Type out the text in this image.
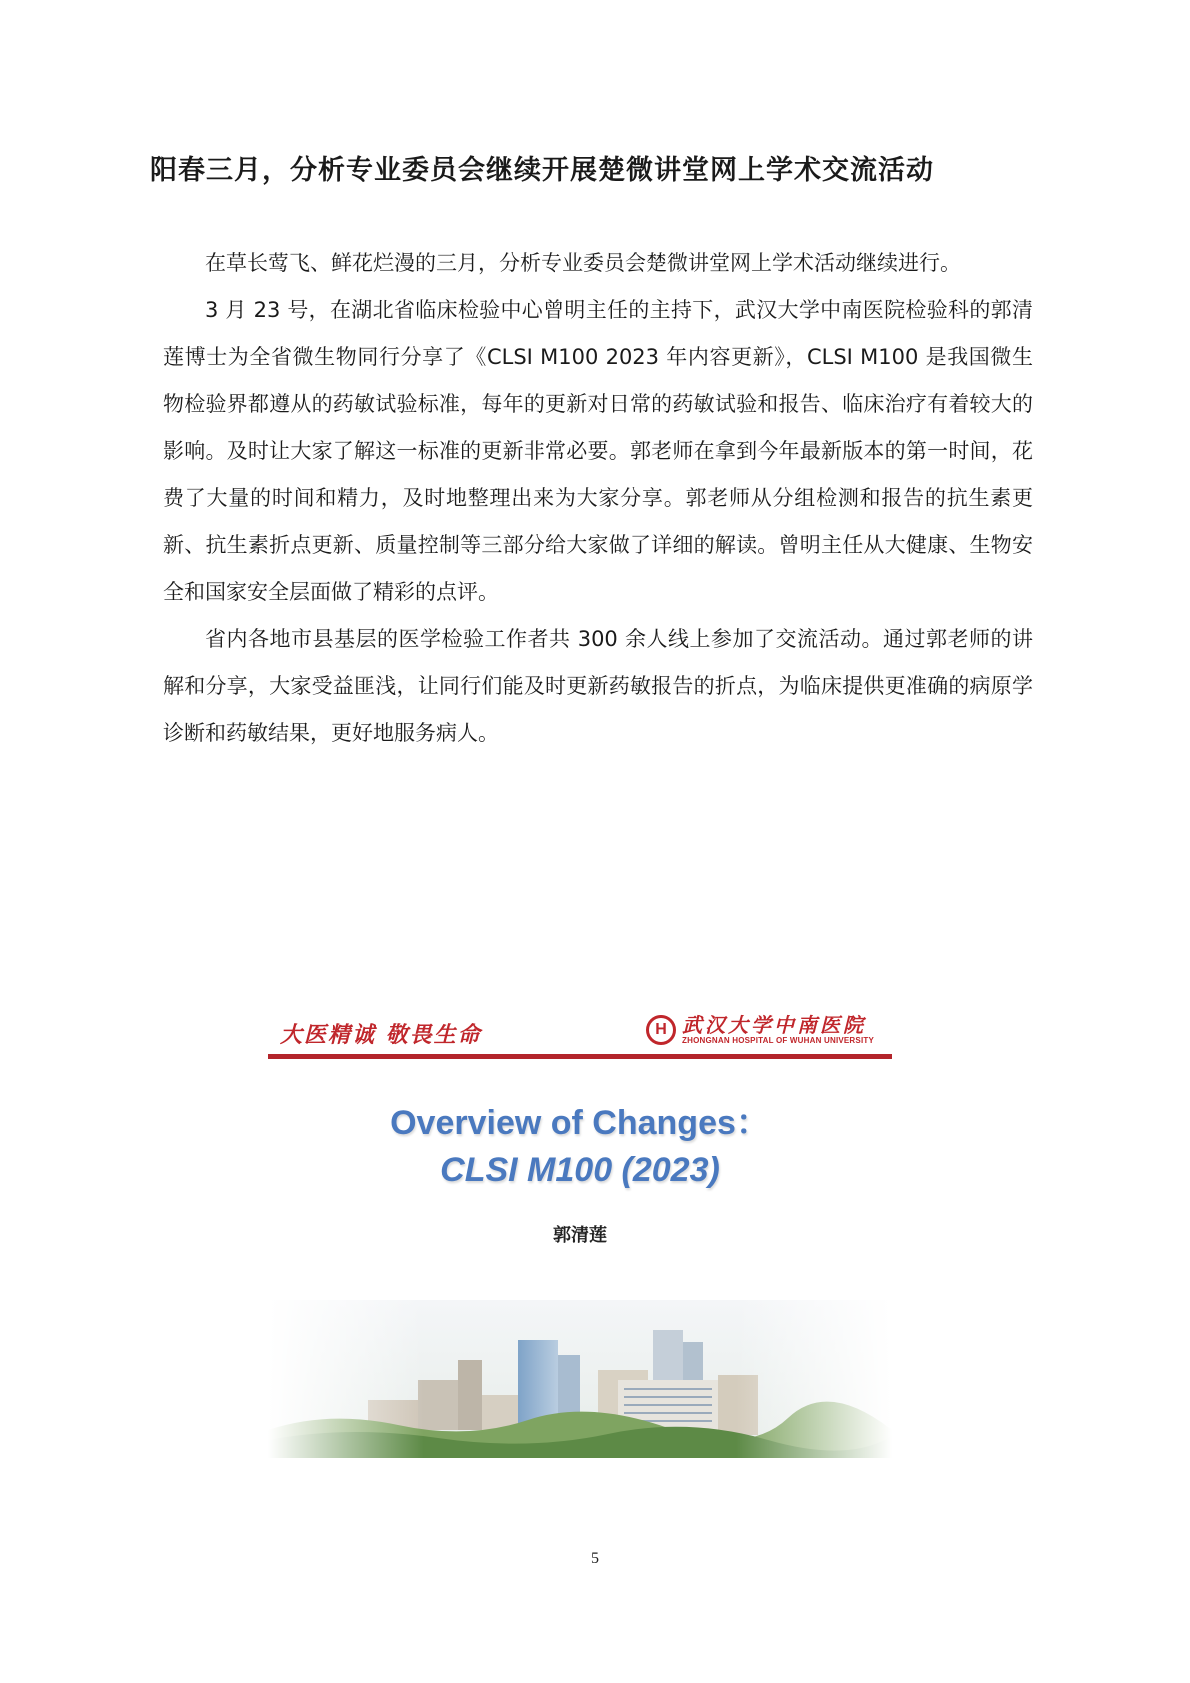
阳春三月，分析专业委员会继续开展楚微讲堂网上学术交流活动

在草长莺飞、鲜花烂漫的三月，分析专业委员会楚微讲堂网上学术活动继续进行。

3 月 23 号，在湖北省临床检验中心曾明主任的主持下，武汉大学中南医院检验科的郭清莲博士为全省微生物同行分享了《CLSI M100 2023 年内容更新》，CLSI M100 是我国微生物检验界都遵从的药敏试验标准，每年的更新对日常的药敏试验和报告、临床治疗有着较大的影响。及时让大家了解这一标准的更新非常必要。郭老师在拿到今年最新版本的第一时间，花费了大量的时间和精力，及时地整理出来为大家分享。郭老师从分组检测和报告的抗生素更新、抗生素折点更新、质量控制等三部分给大家做了详细的解读。曾明主任从大健康、生物安全和国家安全层面做了精彩的点评。

省内各地市县基层的医学检验工作者共 300 余人线上参加了交流活动。通过郭老师的讲解和分享，大家受益匪浅，让同行们能及时更新药敏报告的折点，为临床提供更准确的病原学诊断和药敏结果，更好地服务病人。

大医精诚 敬畏生命	H 武汉大学中南医院
ZHONGNAN HOSPITAL OF WUHAN UNIVERSITY
Overview of Changes：
CLSI M100 (2023)
郭清莲
5
